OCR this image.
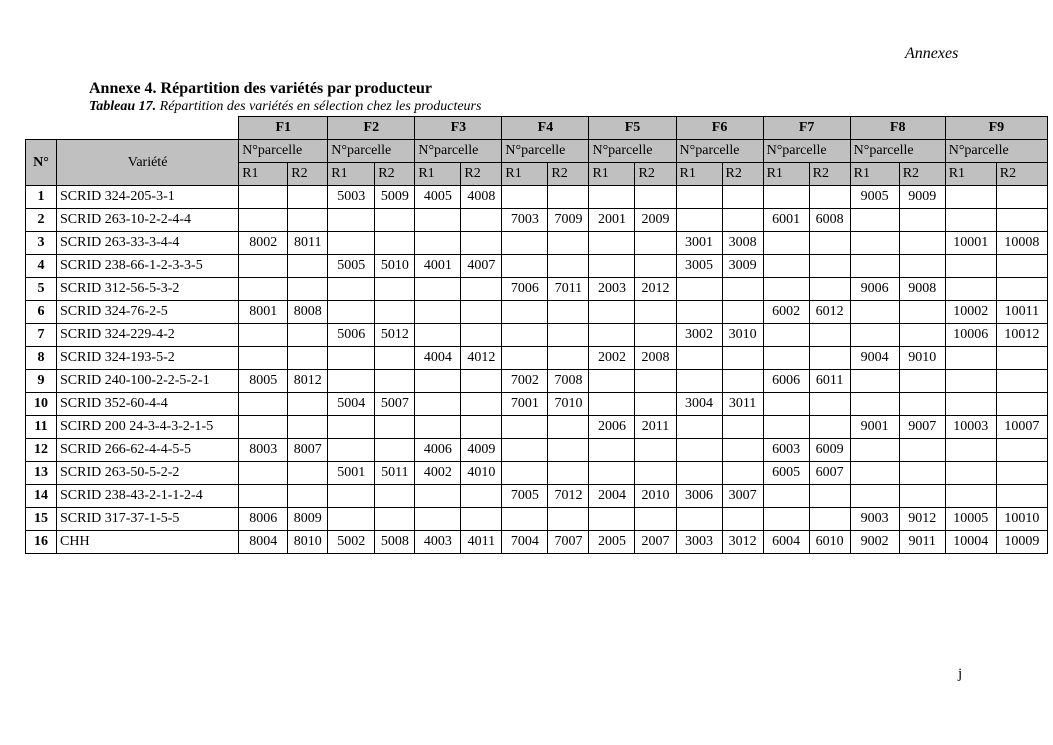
Annexes
Annexe 4. Répartition des variétés par producteur
Tableau 17. Répartition des variétés en sélection chez les producteurs
		F1		F2		F3		F4		F5		F6		F7		F8		F9	
N°	Variété	N°parcelle		N°parcelle		N°parcelle		N°parcelle		N°parcelle		N°parcelle		N°parcelle		N°parcelle		N°parcelle	
		R1	R2	R1	R2	R1	R2	R1	R2	R1	R2	R1	R2	R1	R2	R1	R2	R1	R2
1	SCRID 324-205-3-1			5003	5009	4005	4008									9005	9009		
2	SCRID 263-10-2-2-4-4							7003	7009	2001	2009			6001	6008				
3	SCRID 263-33-3-4-4	8002	8011									3001	3008					10001	10008
4	SCRID 238-66-1-2-3-3-5			5005	5010	4001	4007					3005	3009						
5	SCRID 312-56-5-3-2							7006	7011	2003	2012					9006	9008		
6	SCRID 324-76-2-5	8001	8008											6002	6012			10002	10011
7	SCRID 324-229-4-2			5006	5012							3002	3010					10006	10012
8	SCRID 324-193-5-2					4004	4012			2002	2008					9004	9010		
9	SCRID 240-100-2-2-5-2-1	8005	8012					7002	7008					6006	6011				
10	SCRID 352-60-4-4			5004	5007			7001	7010			3004	3011						
11	SCIRD 200 24-3-4-3-2-1-5									2006	2011					9001	9007	10003	10007
12	SCRID 266-62-4-4-5-5	8003	8007			4006	4009							6003	6009				
13	SCRID 263-50-5-2-2			5001	5011	4002	4010							6005	6007				
14	SCRID 238-43-2-1-1-2-4							7005	7012	2004	2010	3006	3007						
15	SCRID 317-37-1-5-5	8006	8009													9003	9012	10005	10010
16	CHH	8004	8010	5002	5008	4003	4011	7004	7007	2005	2007	3003	3012	6004	6010	9002	9011	10004	10009
j
